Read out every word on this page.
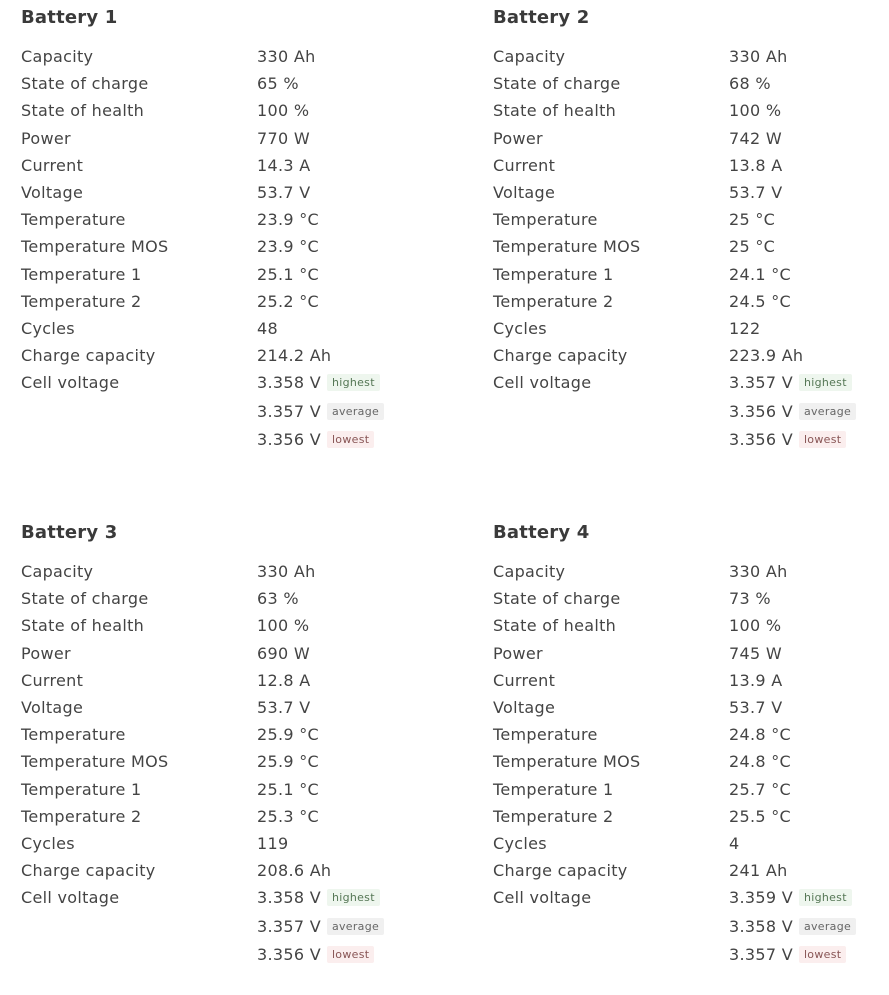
Battery 1
Capacity	330 Ah
State of charge	65 %
State of health	100 %
Power	770 W
Current	14.3 A
Voltage	53.7 V
Temperature	23.9 °C
Temperature MOS	23.9 °C
Temperature 1	25.1 °C
Temperature 2	25.2 °C
Cycles	48
Charge capacity	214.2 Ah
Cell voltage	3.358 V highest
3.357 V average
3.356 V lowest
Battery 2
Capacity	330 Ah
State of charge	68 %
State of health	100 %
Power	742 W
Current	13.8 A
Voltage	53.7 V
Temperature	25 °C
Temperature MOS	25 °C
Temperature 1	24.1 °C
Temperature 2	24.5 °C
Cycles	122
Charge capacity	223.9 Ah
Cell voltage	3.357 V highest
3.356 V average
3.356 V lowest
Battery 3
Capacity	330 Ah
State of charge	63 %
State of health	100 %
Power	690 W
Current	12.8 A
Voltage	53.7 V
Temperature	25.9 °C
Temperature MOS	25.9 °C
Temperature 1	25.1 °C
Temperature 2	25.3 °C
Cycles	119
Charge capacity	208.6 Ah
Cell voltage	3.358 V highest
3.357 V average
3.356 V lowest
Battery 4
Capacity	330 Ah
State of charge	73 %
State of health	100 %
Power	745 W
Current	13.9 A
Voltage	53.7 V
Temperature	24.8 °C
Temperature MOS	24.8 °C
Temperature 1	25.7 °C
Temperature 2	25.5 °C
Cycles	4
Charge capacity	241 Ah
Cell voltage	3.359 V highest
3.358 V average
3.357 V lowest
